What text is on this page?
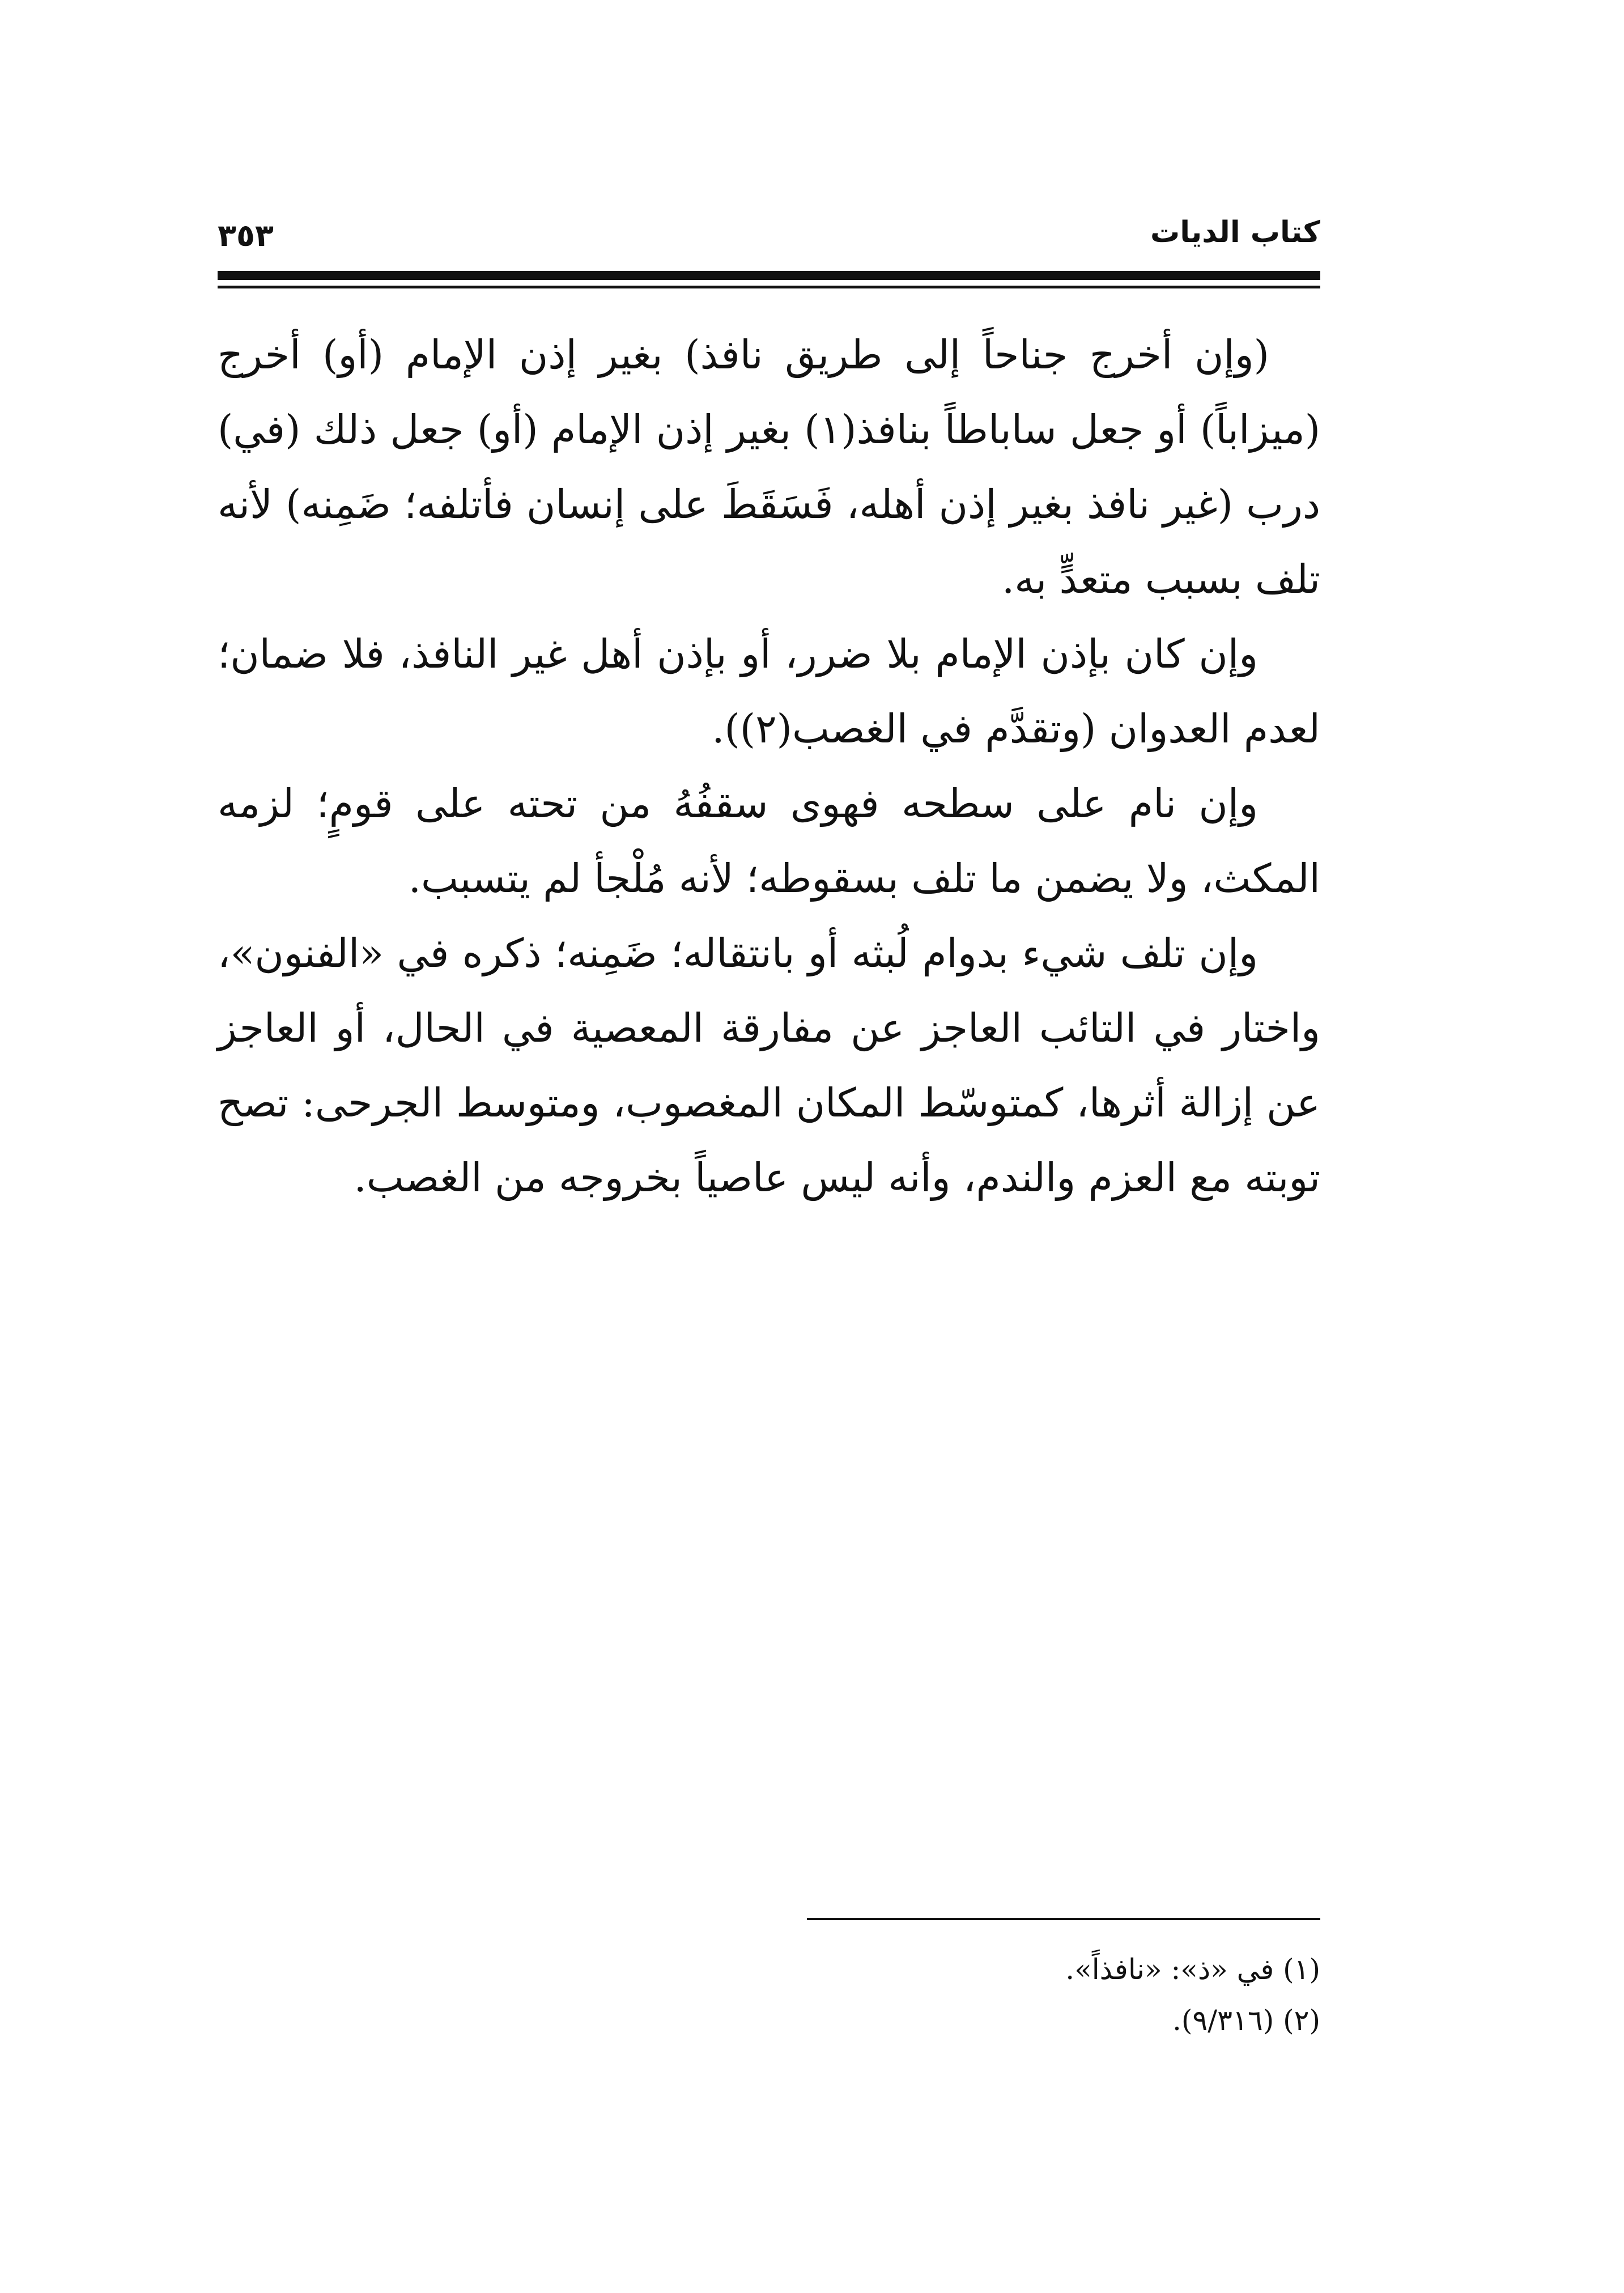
كتاب الديات
٣٥٣

(وإن أخرج جناحاً إلى طريق نافذ) بغير إذن الإمام (أو) أخرج (ميزاباً) أو جعل ساباطاً بنافذ(١) بغير إذن الإمام (أو) جعل ذلك (في) درب (غير نافذ بغير إذن أهله، فَسَقَطَ على إنسان فأتلفه؛ ضَمِنه) لأنه تلف بسبب متعدٍّ به.

وإن كان بإذن الإمام بلا ضرر، أو بإذن أهل غير النافذ، فلا ضمان؛ لعدم العدوان (وتقدَّم في الغصب(٢)).

وإن نام على سطحه فهوى سقفُهُ من تحته على قومٍ؛ لزمه المكث، ولا يضمن ما تلف بسقوطه؛ لأنه مُلْجأ لم يتسبب.

وإن تلف شيء بدوام لُبثه أو بانتقاله؛ ضَمِنه؛ ذكره في «الفنون»، واختار في التائب العاجز عن مفارقة المعصية في الحال، أو العاجز عن إزالة أثرها، كمتوسّط المكان المغصوب، ومتوسط الجرحى: تصح توبته مع العزم والندم، وأنه ليس عاصياً بخروجه من الغصب.

(١) في «ذ»: «نافذاً».

(٢) (٩/٣١٦).
